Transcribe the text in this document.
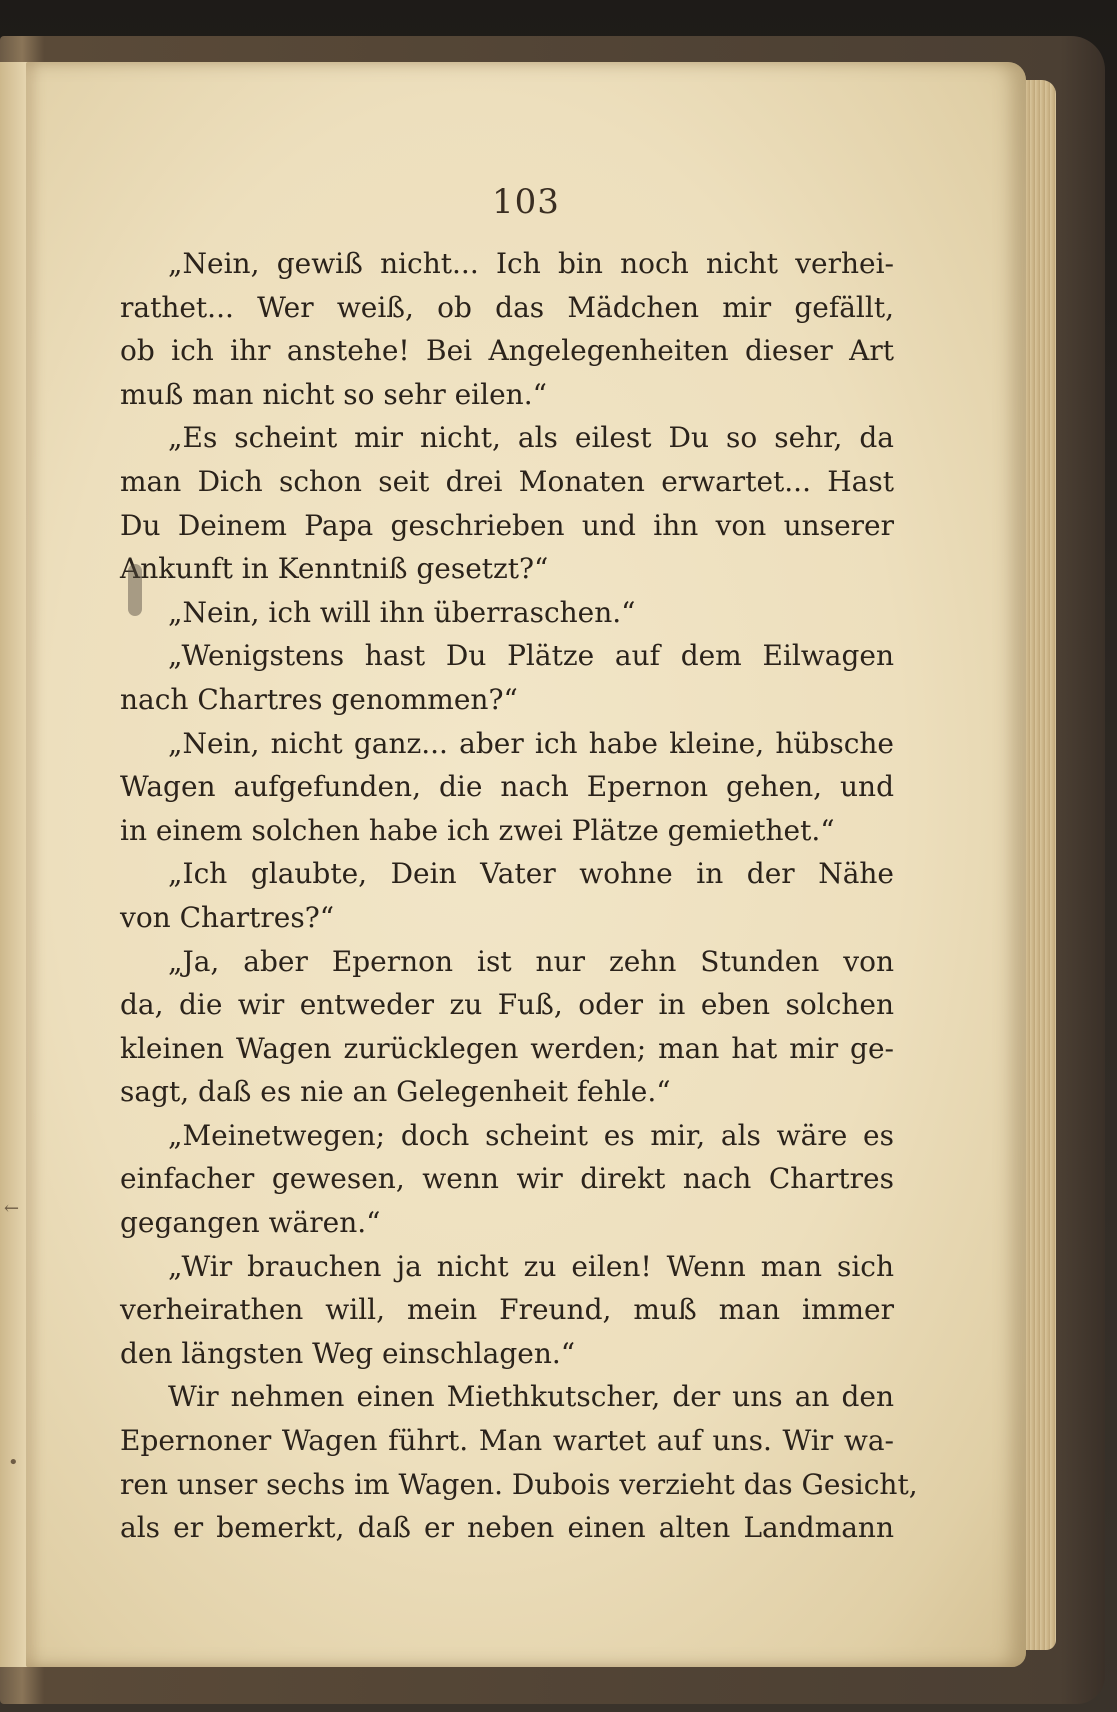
103
„Nein, gewiß nicht... Ich bin noch nicht verhei-
rathet... Wer weiß, ob das Mädchen mir gefällt,
ob ich ihr anstehe! Bei Angelegenheiten dieser Art
muß man nicht so sehr eilen.“
„Es scheint mir nicht, als eilest Du so sehr, da
man Dich schon seit drei Monaten erwartet... Hast
Du Deinem Papa geschrieben und ihn von unserer
Ankunft in Kenntniß gesetzt?“
„Nein, ich will ihn überraschen.“
„Wenigstens hast Du Plätze auf dem Eilwagen
nach Chartres genommen?“
„Nein, nicht ganz... aber ich habe kleine, hübsche
Wagen aufgefunden, die nach Epernon gehen, und
in einem solchen habe ich zwei Plätze gemiethet.“
„Ich glaubte, Dein Vater wohne in der Nähe
von Chartres?“
„Ja, aber Epernon ist nur zehn Stunden von
da, die wir entweder zu Fuß, oder in eben solchen
kleinen Wagen zurücklegen werden; man hat mir ge-
sagt, daß es nie an Gelegenheit fehle.“
„Meinetwegen; doch scheint es mir, als wäre es
einfacher gewesen, wenn wir direkt nach Chartres
gegangen wären.“
„Wir brauchen ja nicht zu eilen! Wenn man sich
verheirathen will, mein Freund, muß man immer
den längsten Weg einschlagen.“
Wir nehmen einen Miethkutscher, der uns an den
Epernoner Wagen führt. Man wartet auf uns. Wir wa-
ren unser sechs im Wagen. Dubois verzieht das Gesicht,
als er bemerkt, daß er neben einen alten Landmann
←
•
